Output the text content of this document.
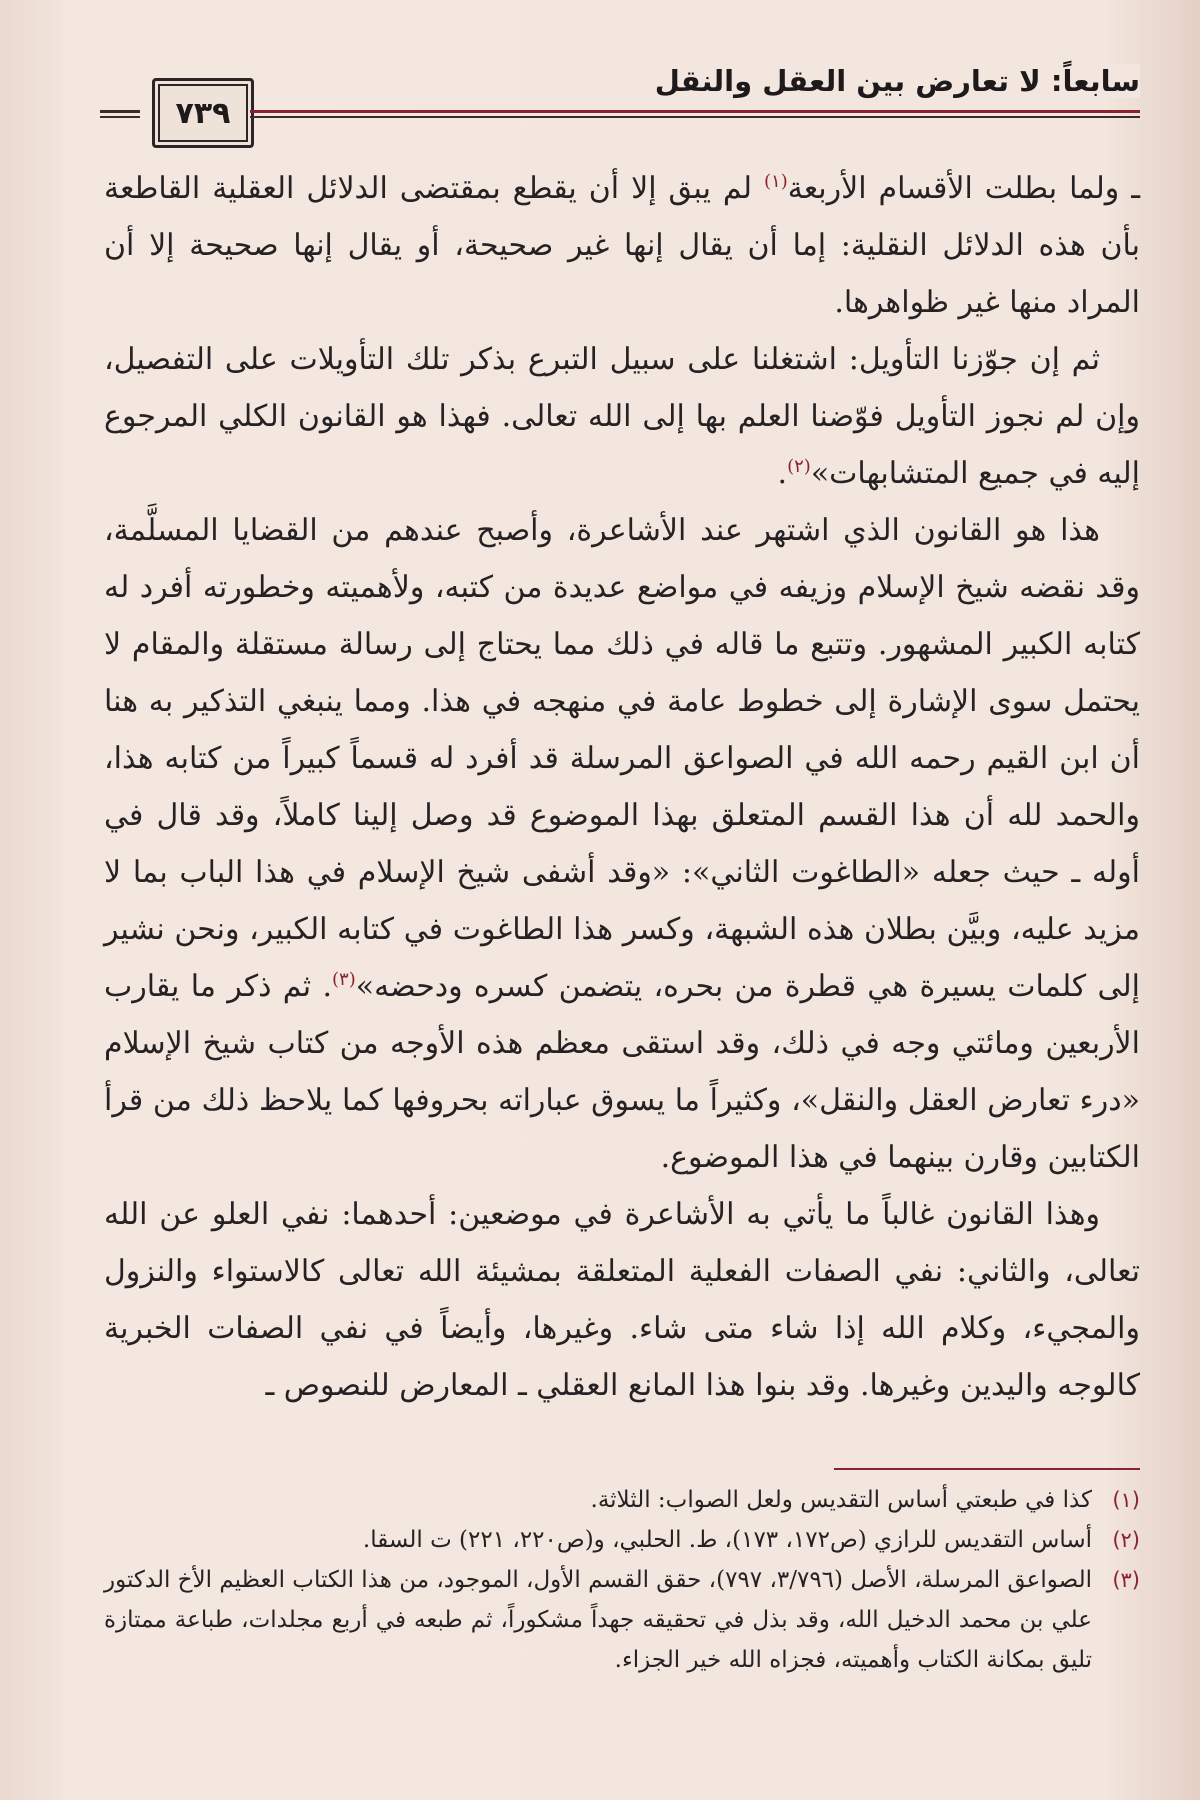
٧٣٩
سابعاً: لا تعارض بين العقل والنقل

ـ ولما بطلت الأقسام الأربعة$^{(١)}$ لم يبق إلا أن يقطع بمقتضى الدلائل العقلية القاطعة بأن هذه الدلائل النقلية: إما أن يقال إنها غير صحيحة، أو يقال إنها صحيحة إلا أن المراد منها غير ظواهرها.

ثم إن جوّزنا التأويل: اشتغلنا على سبيل التبرع بذكر تلك التأويلات على التفصيل، وإن لم نجوز التأويل فوّضنا العلم بها إلى الله تعالى. فهذا هو القانون الكلي المرجوع إليه في جميع المتشابهات»$^{(٢)}$.

هذا هو القانون الذي اشتهر عند الأشاعرة، وأصبح عندهم من القضايا المسلَّمة، وقد نقضه شيخ الإسلام وزيفه في مواضع عديدة من كتبه، ولأهميته وخطورته أفرد له كتابه الكبير المشهور. وتتبع ما قاله في ذلك مما يحتاج إلى رسالة مستقلة والمقام لا يحتمل سوى الإشارة إلى خطوط عامة في منهجه في هذا. ومما ينبغي التذكير به هنا أن ابن القيم رحمه الله في الصواعق المرسلة قد أفرد له قسماً كبيراً من كتابه هذا، والحمد لله أن هذا القسم المتعلق بهذا الموضوع قد وصل إلينا كاملاً، وقد قال في أوله ـ حيث جعله «الطاغوت الثاني»: «وقد أشفى شيخ الإسلام في هذا الباب بما لا مزيد عليه، وبيَّن بطلان هذه الشبهة، وكسر هذا الطاغوت في كتابه الكبير، ونحن نشير إلى كلمات يسيرة هي قطرة من بحره، يتضمن كسره ودحضه»$^{(٣)}$. ثم ذكر ما يقارب الأربعين ومائتي وجه في ذلك، وقد استقى معظم هذه الأوجه من كتاب شيخ الإسلام «درء تعارض العقل والنقل»، وكثيراً ما يسوق عباراته بحروفها كما يلاحظ ذلك من قرأ الكتابين وقارن بينهما في هذا الموضوع.

وهذا القانون غالباً ما يأتي به الأشاعرة في موضعين: أحدهما: نفي العلو عن الله تعالى، والثاني: نفي الصفات الفعلية المتعلقة بمشيئة الله تعالى كالاستواء والنزول والمجيء، وكلام الله إذا شاء متى شاء. وغيرها، وأيضاً في نفي الصفات الخبرية كالوجه واليدين وغيرها. وقد بنوا هذا المانع العقلي ـ المعارض للنصوص ـ

(١)
كذا في طبعتي أساس التقديس ولعل الصواب: الثلاثة.
(٢)
أساس التقديس للرازي (ص١٧٢، ١٧٣)، ط. الحلبي، و(ص٢٢٠، ٢٢١) ت السقا.
(٣)
الصواعق المرسلة، الأصل (٣/٧٩٦، ٧٩٧)، حقق القسم الأول، الموجود، من هذا الكتاب العظيم الأخ الدكتور علي بن محمد الدخيل الله، وقد بذل في تحقيقه جهداً مشكوراً، ثم طبعه في أربع مجلدات، طباعة ممتازة تليق بمكانة الكتاب وأهميته، فجزاه الله خير الجزاء.
